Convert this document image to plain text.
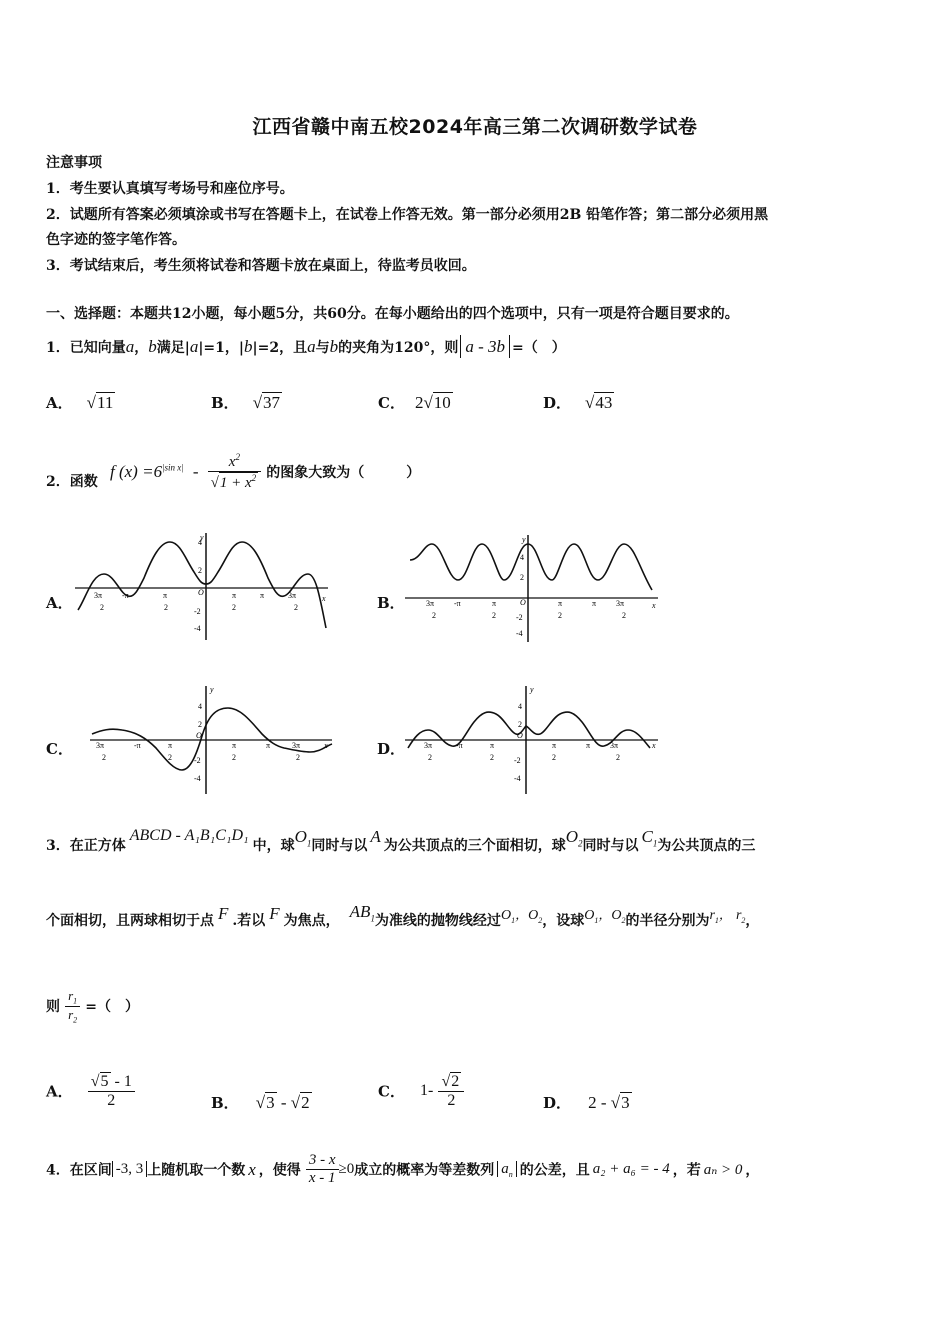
江西省赣中南五校2024年高三第二次调研数学试卷
注意事项
1．考生要认真填写考场号和座位序号。
2．试题所有答案必须填涂或书写在答题卡上，在试卷上作答无效。第一部分必须用2B 铅笔作答；第二部分必须用黑
色字迹的签字笔作答。
3．考试结束后，考生须将试卷和答题卡放在桌面上，待监考员收回。
一、选择题：本题共12小题，每小题5分，共60分。在每小题给出的四个选项中，只有一项是符合题目要求的。
1．已知向量a，b满足|a|=1，|b|=2，且a与b的夹角为120°，则 a - 3b =（　）
A． √11	B． √37	C． 2√10	D． √43
2．函数
f $(x) =6^{|sin x|} - \frac{x^2}{√1 + x^2}$ 的图象大致为（　　　）
A．	B．
C．	D．
y
x
O
4
2
-2
-4
3π
2
-π	π
2
π
2
π	3π
2
y
x
O
4
2
-2
-4
3π
2
-π	π
2
π
2
π 3π
2
y
x
O
4
2
-2
-4
3π
2
-π	π
2
π
2
π	3π
2
y
x
O
4
2
-2
-4
3π
2
-π	π
2
π
2
π 3π
2
3．在正方体ABCD - A₁B₁C₁D₁中，球$O_1$同时与以 A 为公共顶点的三个面相切，球$O_2$同时与以 $C_1$为公共顶点的三
个面相切，且两球相切于点 F .若以 F 为焦点， $AB_1$为准线的抛物线经过$O_1$，$O_2$，设球$O_1$，$O_2$的半径分别为$r_1$， $r_2$，
则 $\frac{r_1}{r_2}$ =（　）
A． $\frac{√5 - 1}{2}$	B． √3 - √2
C． $1- \frac{√2}{2}$	D． 2 - √3
4．在区间 -3, 3 上随机取一个数 x ，使得 $\frac{3 - x}{x - 1} \ge 0$成立的概率为等差数列 $a_n$ 的公差，且 a₂ + a₆ = - 4 ，若 aₙ > 0 ，
